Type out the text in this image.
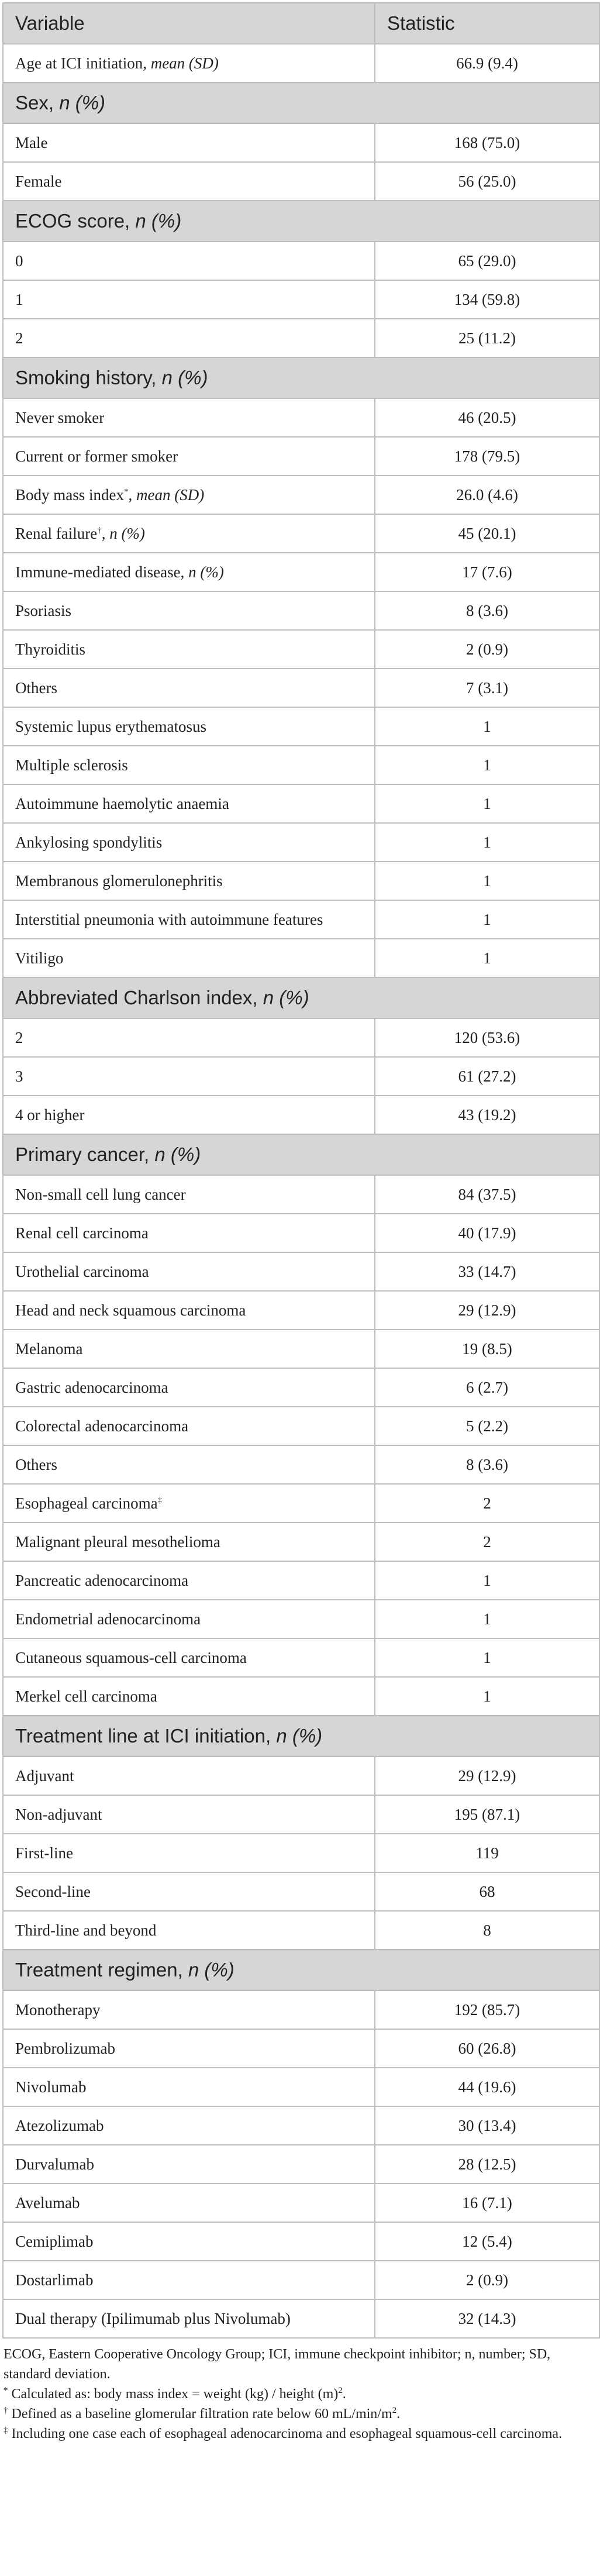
Variable	Statistic
Age at ICI initiation, mean (SD)	66.9 (9.4)
Sex, n (%)	
Male	168 (75.0)
Female	56 (25.0)
ECOG score, n (%)	
0	65 (29.0)
1	134 (59.8)
2	25 (11.2)
Smoking history, n (%)	
Never smoker	46 (20.5)
Current or former smoker	178 (79.5)
Body mass index*, mean (SD)	26.0 (4.6)
Renal failure†, n (%)	45 (20.1)
Immune-mediated disease, n (%)	17 (7.6)
Psoriasis	8 (3.6)
Thyroiditis	2 (0.9)
Others	7 (3.1)
Systemic lupus erythematosus	1
Multiple sclerosis	1
Autoimmune haemolytic anaemia	1
Ankylosing spondylitis	1
Membranous glomerulonephritis	1
Interstitial pneumonia with autoimmune features	1
Vitiligo	1
Abbreviated Charlson index, n (%)	
2	120 (53.6)
3	61 (27.2)
4 or higher	43 (19.2)
Primary cancer, n (%)	
Non-small cell lung cancer	84 (37.5)
Renal cell carcinoma	40 (17.9)
Urothelial carcinoma	33 (14.7)
Head and neck squamous carcinoma	29 (12.9)
Melanoma	19 (8.5)
Gastric adenocarcinoma	6 (2.7)
Colorectal adenocarcinoma	5 (2.2)
Others	8 (3.6)
Esophageal carcinoma‡	2
Malignant pleural mesothelioma	2
Pancreatic adenocarcinoma	1
Endometrial adenocarcinoma	1
Cutaneous squamous-cell carcinoma	1
Merkel cell carcinoma	1
Treatment line at ICI initiation, n (%)	
Adjuvant	29 (12.9)
Non-adjuvant	195 (87.1)
First-line	119
Second-line	68
Third-line and beyond	8
Treatment regimen, n (%)	
Monotherapy	192 (85.7)
Pembrolizumab	60 (26.8)
Nivolumab	44 (19.6)
Atezolizumab	30 (13.4)
Durvalumab	28 (12.5)
Avelumab	16 (7.1)
Cemiplimab	12 (5.4)
Dostarlimab	2 (0.9)
Dual therapy (Ipilimumab plus Nivolumab)	32 (14.3)

ECOG, Eastern Cooperative Oncology Group; ICI, immune checkpoint inhibitor; n, number; SD, standard deviation.

* Calculated as: body mass index = weight (kg) / height $(m)^2$.

† Defined as a baseline glomerular filtration rate below 60 $mL/\min/m^2$.

‡ Including one case each of esophageal adenocarcinoma and esophageal squamous-cell carcinoma.
